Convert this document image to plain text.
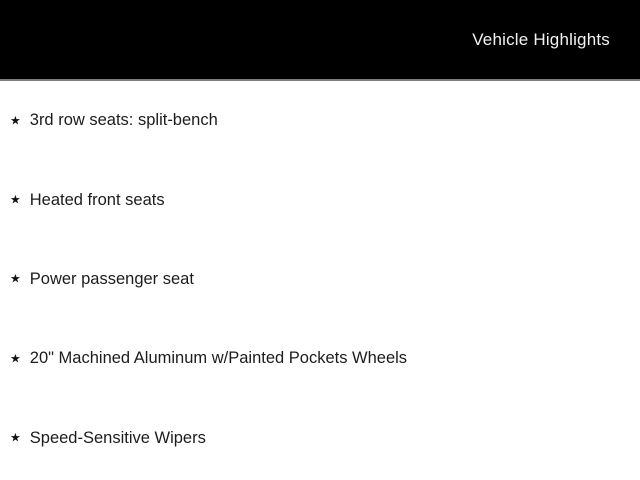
Vehicle Highlights
★ 3rd row seats: split-bench
★ Heated front seats
★ Power passenger seat
★ 20" Machined Aluminum w/Painted Pockets Wheels
★ Speed-Sensitive Wipers
